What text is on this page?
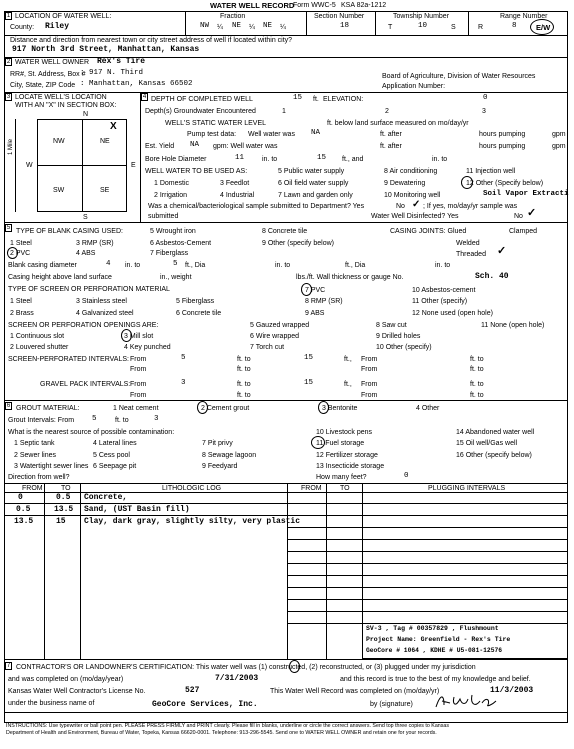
WATER WELL RECORD
Form WWC-5 KSA 82a-1212
1 LOCATION OF WATER WELL:
County: Riley
Fraction
NW ¼ NE ¼ NE ¼
Section Number
18
Township Number
T	10	S
Range Number
R	8	E/W
Distance and direction from nearest town or city street address of well if located within city?
917 North 3rd Street, Manhattan, Kansas
2 WATER WELL OWNER Rex's Tire
RR#, St. Address, Box #
: 917 N. Third
City, State, ZIP Code : Manhattan, Kansas 66502
Board of Agriculture, Division of Water Resources
Application Number:
3 LOCATE WELL'S LOCATION
WITH AN "X" IN SECTION BOX:
N
S
W	E
NW	NE
SW	SE
X
1 Mile
4 DEPTH OF COMPLETED WELL	15 ft. ELEVATION:	0
Depth(s) Groundwater Encountered	1	2	3
WELL'S STATIC WATER LEVEL	ft. below land surface measured on mo/day/yr
Pump test data: Well water was NA	ft. after	hours pumping	gpm
Est. Yield NA gpm: Well water was	ft. after	hours pumping	gpm
Bore Hole Diameter	11	in. to	15 ft., and	in. to
WELL WATER TO BE USED AS:	5 Public water supply	8 Air conditioning	11 Injection well
1 Domestic	3 Feedlot	6 Oil field water supply	9 Dewatering	12 Other (Specify below)
2 Irrigation	4 Industrial	7 Lawn and garden only	10 Monitoring well	Soil Vapor Extracti
Was a chemical/bacteriological sample submitted to Department? Yes	No ✓ ; If yes, mo/day/yr sample was
submitted	Water Well Disinfected? Yes	No ✓
5 TYPE OF BLANK CASING USED:
1 Steel
2 PVC
3 RMP (SR)
4 ABS
5 Wrought iron
6 Asbestos-Cement
7 Fiberglass
8 Concrete tile
9 Other (specify below)
CASING JOINTS: Glued	Clamped
Welded
Threaded ✓
Blank casing diameter	4 in. to	5 ft., Dia	in. to	ft., Dia	in. to
Casing height above land surface	in., weight	lbs./ft. Wall thickness or gauge No.	Sch. 40
TYPE OF SCREEN OR PERFORATION MATERIAL
1 Steel
2 Brass
3 Stainless steel
4 Galvanized steel
5 Fiberglass
6 Concrete tile
7 PVC
8 RMP (SR)
9 ABS
10 Asbestos-cement
11 Other (specify)
12 None used (open hole)
SCREEN OR PERFORATION OPENINGS ARE:
1 Continuous slot
2 Louvered shutter
3 Mill slot
4 Key punched
5 Gauzed wrapped
6 Wire wrapped
7 Torch cut
8 Saw cut
9 Drilled holes
10 Other (specify)
11 None (open hole)
SCREEN-PERFORATED INTERVALS: From	5	ft. to	15	ft., From	ft. to
From	ft. to	From	ft. to
GRAVEL PACK INTERVALS: From	3	ft. to	15	ft., From	ft. to
From	ft. to	From	ft. to
6 GROUT MATERIAL:	1 Neat cement	2 Cement grout	3 Bentonite	4 Other
Grout Intervals: From 5	ft. to	3
What is the nearest source of possible contamination:
1 Septic tank	4 Lateral lines	7 Pit privy
10 Livestock pens	14 Abandoned water well
2 Sewer lines	5 Cess pool	8 Sewage lagoon
11 Fuel storage	15 Oil well/Gas well
3 Watertight sewer lines 6 Seepage pit	9 Feedyard
12 Fertilizer storage	16 Other (specify below)
13 Insecticide storage
Direction from well?	How many feet?	0
FROM	TO	LITHOLOGIC LOG	FROM	TO	PLUGGING INTERVALS
0	0.5 Concrete,
0.5	13.5 Sand, (UST Basin fill)
13.5	15 Clay, dark gray, slightly silty, very plastic
SV-3 , Tag # 00357829 , Flushmount
Project Name: Greenfield - Rex's Tire
GeoCore # 1064 , KDHE # U5-081-12576
7 CONTRACTOR'S OR LANDOWNER'S CERTIFICATION: This water well was (1) constructed, (2) reconstructed, or (3) plugged under my jurisdiction
and was completed on (mo/day/year)	7/31/2003	and this record is true to the best of my knowledge and belief.
Kansas Water Well Contractor's License No.	527	This Water Well Record was completed on (mo/day/yr)	11/3/2003
under the business name of	GeoCore Services, Inc.	by (signature)
INSTRUCTIONS: Use typewriter or ball point pen. PLEASE PRESS FIRMLY and PRINT clearly. Please fill in blanks, underline or circle the correct answers. Send top three copies to Kansas
Department of Health and Environment, Bureau of Water, Topeka, Kansas 66620-0001. Telephone: 913-296-5545. Send one to WATER WELL OWNER and retain one for your records.
